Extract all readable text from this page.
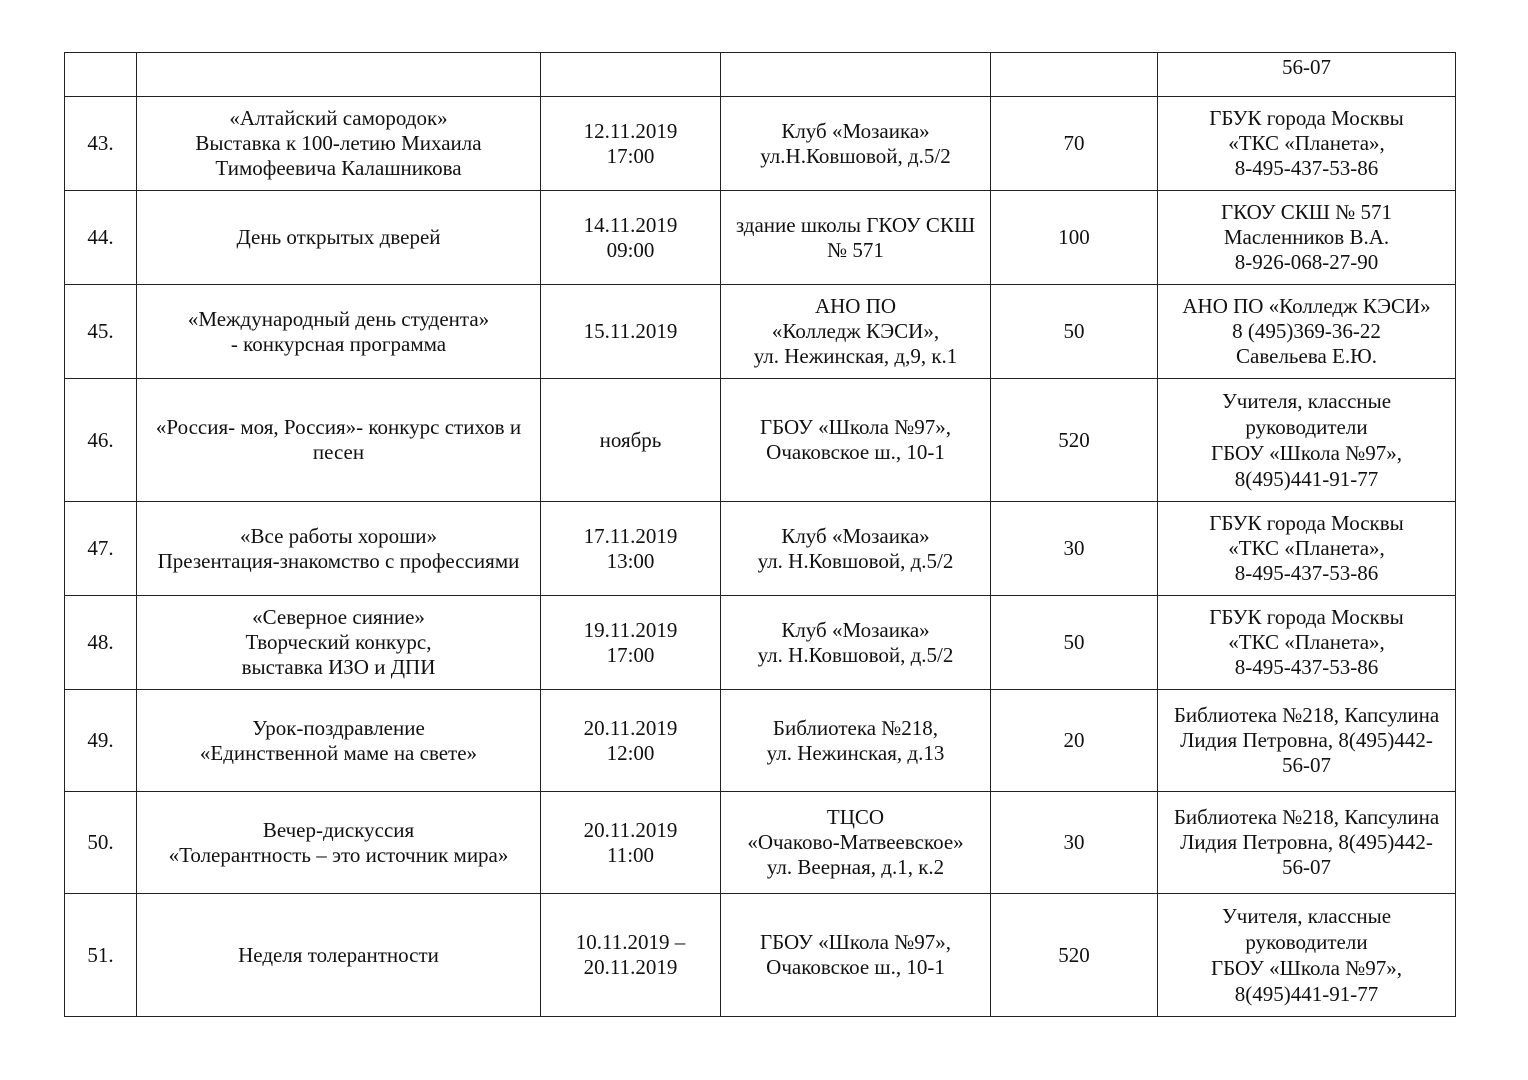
					56-07

43.	«Алтайский самородок»
Выставка к 100-летию Михаила
Тимофеевича Калашникова	12.11.2019
17:00	Клуб «Мозаика»
ул.Н.Ковшовой, д.5/2	70	ГБУК города Москвы
«ТКС «Планета»,
8-495-437-53-86

44.	День открытых дверей	14.11.2019
09:00	здание школы ГКОУ СКШ
№ 571	100	ГКОУ СКШ № 571
Масленников В.А.
8-926-068-27-90

45.	«Международный день студента»
- конкурсная программа	15.11.2019	АНО ПО
«Колледж КЭСИ»,
ул. Нежинская, д,9, к.1	50	АНО ПО «Колледж КЭСИ»
8 (495)369-36-22
Савельева Е.Ю.

46.	«Россия- моя, Россия»- конкурс стихов и
песен	ноябрь	ГБОУ «Школа №97»,
Очаковское ш., 10-1	520	Учителя, классные
руководители
ГБОУ «Школа №97»,
8(495)441-91-77

47.	«Все работы хороши»
Презентация-знакомство с профессиями	17.11.2019
13:00	Клуб «Мозаика»
ул. Н.Ковшовой, д.5/2	30	ГБУК города Москвы
«ТКС «Планета»,
8-495-437-53-86

48.	«Северное сияние»
Творческий конкурс,
выставка ИЗО и ДПИ	19.11.2019
17:00	Клуб «Мозаика»
ул. Н.Ковшовой, д.5/2	50	ГБУК города Москвы
«ТКС «Планета»,
8-495-437-53-86

49.	Урок-поздравление
«Единственной маме на свете»	20.11.2019
12:00	Библиотека №218,
ул. Нежинская, д.13	20	Библиотека №218, Капсулина
Лидия Петровна, 8(495)442-
56-07

50.	Вечер-дискуссия
«Толерантность – это источник мира»	20.11.2019
11:00	ТЦСО
«Очаково-Матвеевское»
ул. Веерная, д.1, к.2	30	Библиотека №218, Капсулина
Лидия Петровна, 8(495)442-
56-07

51.	Неделя толерантности	10.11.2019 –
20.11.2019	ГБОУ «Школа №97»,
Очаковское ш., 10-1	520	Учителя, классные
руководители
ГБОУ «Школа №97»,
8(495)441-91-77
